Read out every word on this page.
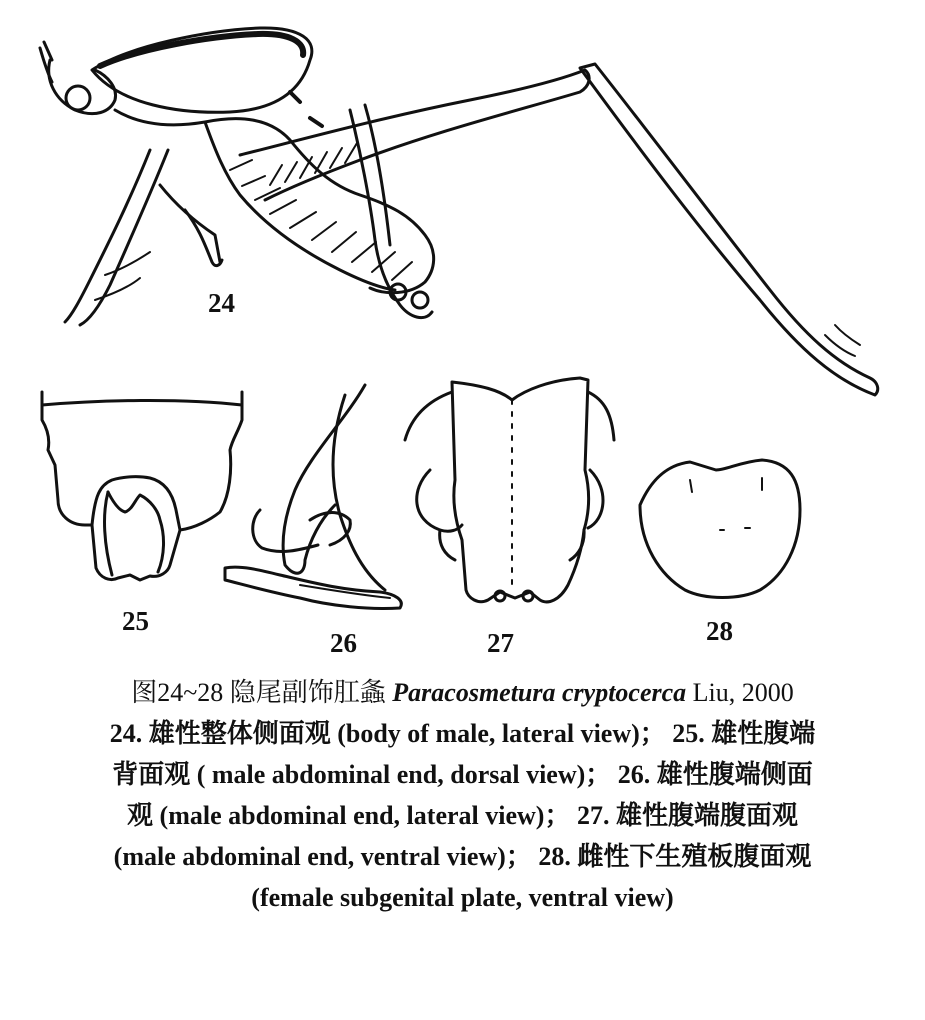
24
25
26	27	28
图24~28 隐尾副饰肛螽 Paracosmetura cryptocerca Liu, 2000
24. 雄性整体侧面观 (body of male, lateral view)； 25. 雄性腹端
背面观 ( male abdominal end, dorsal view)； 26. 雄性腹端侧面
观 (male abdominal end, lateral view)； 27. 雄性腹端腹面观
(male abdominal end, ventral view)； 28. 雌性下生殖板腹面观
(female subgenital plate, ventral view)
